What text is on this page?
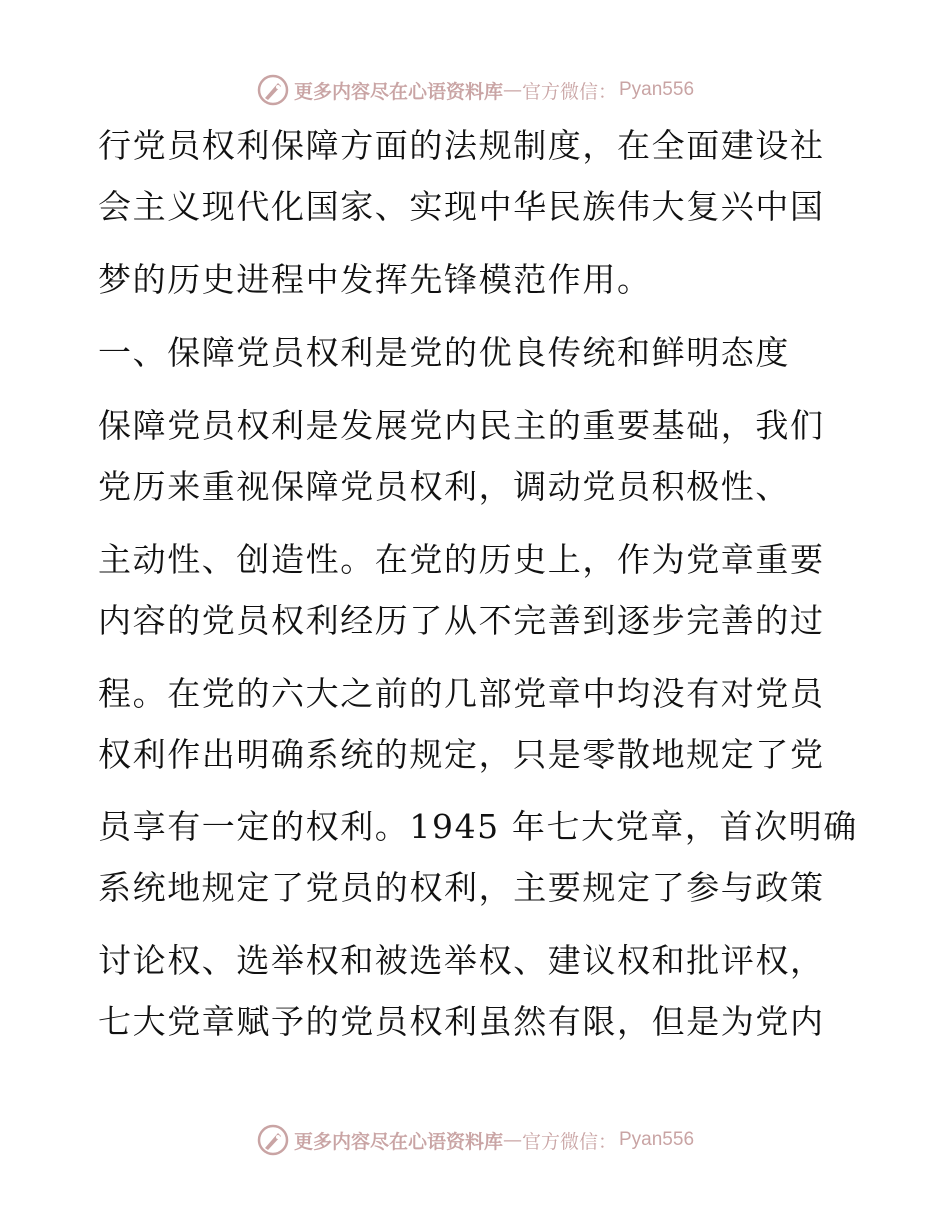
更多内容尽在心语资料库 — 官方微信： Pyan556
行党员权利保障方面的法规制度，在全面建设社
会主义现代化国家、实现中华民族伟大复兴中国
梦的历史进程中发挥先锋模范作用。
一、保障党员权利是党的优良传统和鲜明态度
保障党员权利是发展党内民主的重要基础，我们
党历来重视保障党员权利，调动党员积极性、
主动性、创造性。在党的历史上，作为党章重要
内容的党员权利经历了从不完善到逐步完善的过
程。在党的六大之前的几部党章中均没有对党员
权利作出明确系统的规定，只是零散地规定了党
员享有一定的权利。1945 年七大党章，首次明确
系统地规定了党员的权利，主要规定了参与政策
讨论权、选举权和被选举权、建议权和批评权，
七大党章赋予的党员权利虽然有限，但是为党内
更多内容尽在心语资料库 — 官方微信： Pyan556
